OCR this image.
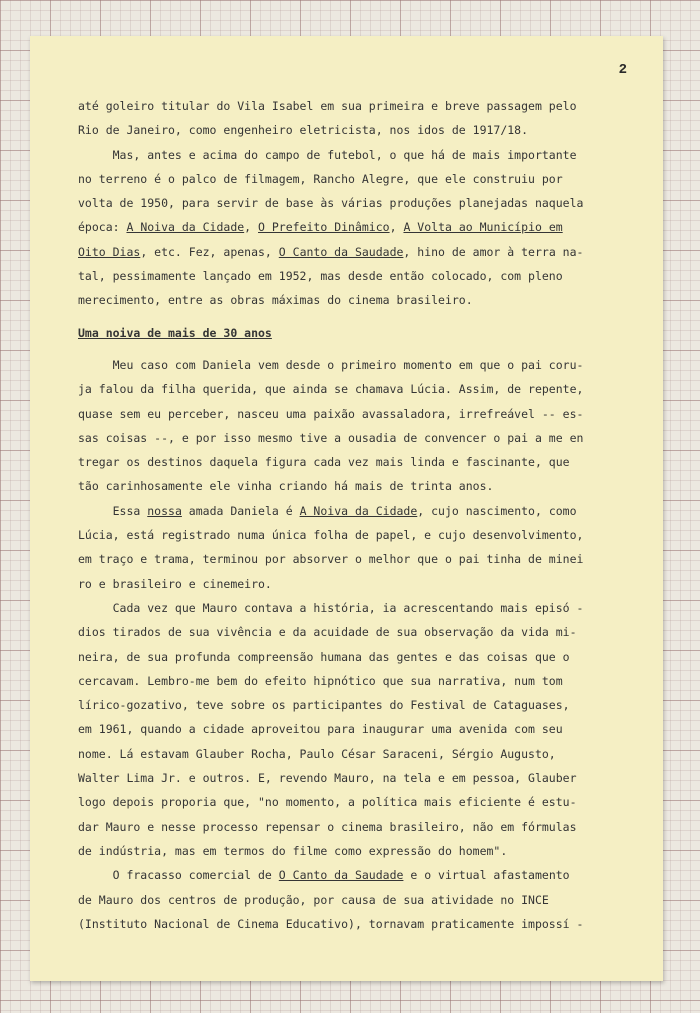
2
até goleiro titular do Vila Isabel em sua primeira e breve passagem pelo
Rio de Janeiro, como engenheiro eletricista, nos idos de 1917/18.
Mas, antes e acima do campo de futebol, o que há de mais importante
no terreno é o palco de filmagem, Rancho Alegre, que ele construiu por
volta de 1950, para servir de base às várias produções planejadas naquela
época: A Noiva da Cidade, O Prefeito Dinâmico, A Volta ao Município em
Oito Dias, etc. Fez, apenas, O Canto da Saudade, hino de amor à terra na-
tal, pessimamente lançado em 1952, mas desde então colocado, com pleno
merecimento, entre as obras máximas do cinema brasileiro.
Uma noiva de mais de 30 anos
Meu caso com Daniela vem desde o primeiro momento em que o pai coru-
ja falou da filha querida, que ainda se chamava Lúcia. Assim, de repente,
quase sem eu perceber, nasceu uma paixão avassaladora, irrefreável -- es-
sas coisas --, e por isso mesmo tive a ousadia de convencer o pai a me en
tregar os destinos daquela figura cada vez mais linda e fascinante, que
tão carinhosamente ele vinha criando há mais de trinta anos.
Essa nossa amada Daniela é A Noiva da Cidade, cujo nascimento, como
Lúcia, está registrado numa única folha de papel, e cujo desenvolvimento,
em traço e trama, terminou por absorver o melhor que o pai tinha de minei
ro e brasileiro e cinemeiro.
Cada vez que Mauro contava a história, ia acrescentando mais episó -
dios tirados de sua vivência e da acuidade de sua observação da vida mi-
neira, de sua profunda compreensão humana das gentes e das coisas que o
cercavam. Lembro-me bem do efeito hipnótico que sua narrativa, num tom
lírico-gozativo, teve sobre os participantes do Festival de Cataguases,
em 1961, quando a cidade aproveitou para inaugurar uma avenida com seu
nome. Lá estavam Glauber Rocha, Paulo César Saraceni, Sérgio Augusto,
Walter Lima Jr. e outros. E, revendo Mauro, na tela e em pessoa, Glauber
logo depois proporia que, "no momento, a política mais eficiente é estu-
dar Mauro e nesse processo repensar o cinema brasileiro, não em fórmulas
de indústria, mas em termos do filme como expressão do homem".
O fracasso comercial de O Canto da Saudade e o virtual afastamento
de Mauro dos centros de produção, por causa de sua atividade no INCE
(Instituto Nacional de Cinema Educativo), tornavam praticamente impossí -
